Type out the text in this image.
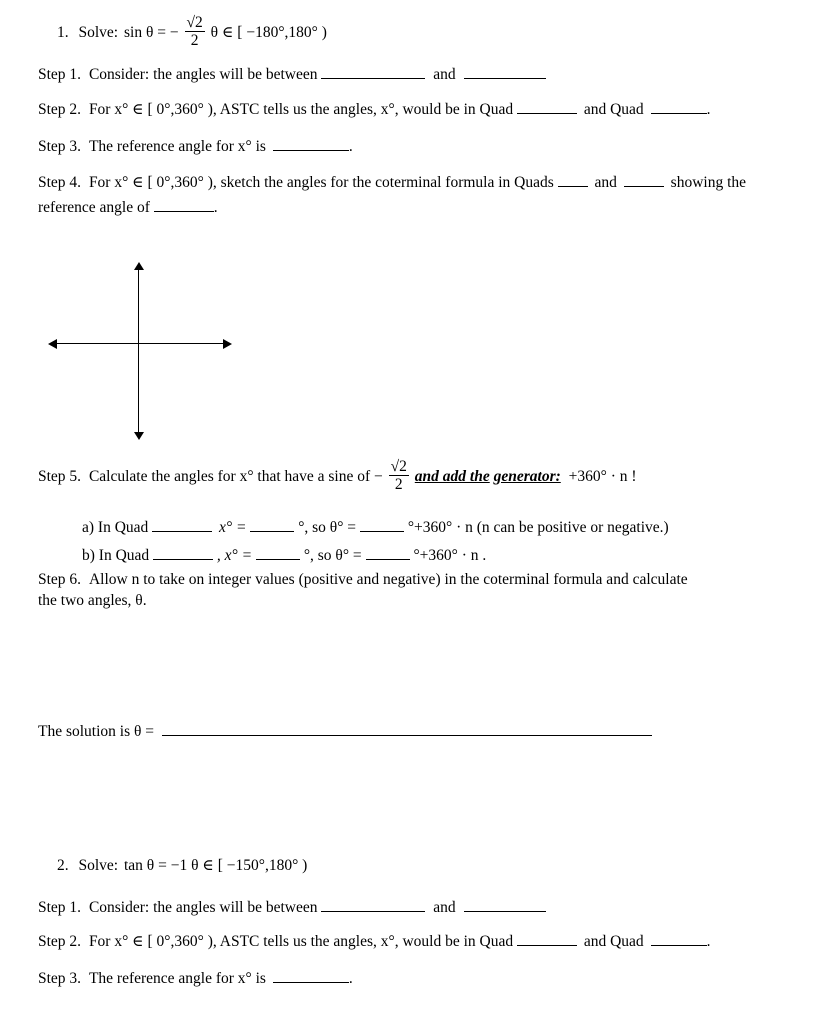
1. Solve: sin θ = − $\frac{√2}{2}$ θ ∈ [ −180°,180° )
Step 1. Consider: the angles will be between	and
Step 2. For x° ∈ [ 0°,360° ), ASTC tells us the angles, x°, would be in Quad	and Quad	.
Step 3. The reference angle for x° is	.
Step 4. For x° ∈ [ 0°,360° ), sketch the angles for the coterminal formula in Quads	and	showing the
reference angle of	.
Step 5. Calculate the angles for x° that have a sine of − $\frac{√2}{2}$ and add the generator: +360° · n !
a) In Quad	x° =	°, so θ° =	°+360° · n (n can be positive or negative.)
b) In Quad	, x° =	°, so θ° =	°+360° · n .
Step 6. Allow n to take on integer values (positive and negative) in the coterminal formula and calculate
the two angles, θ.
The solution is θ =
2. Solve: tan θ = −1 θ ∈ [ −150°,180° )
Step 1. Consider: the angles will be between	and
Step 2. For x° ∈ [ 0°,360° ), ASTC tells us the angles, x°, would be in Quad	and Quad	.
Step 3. The reference angle for x° is	.
